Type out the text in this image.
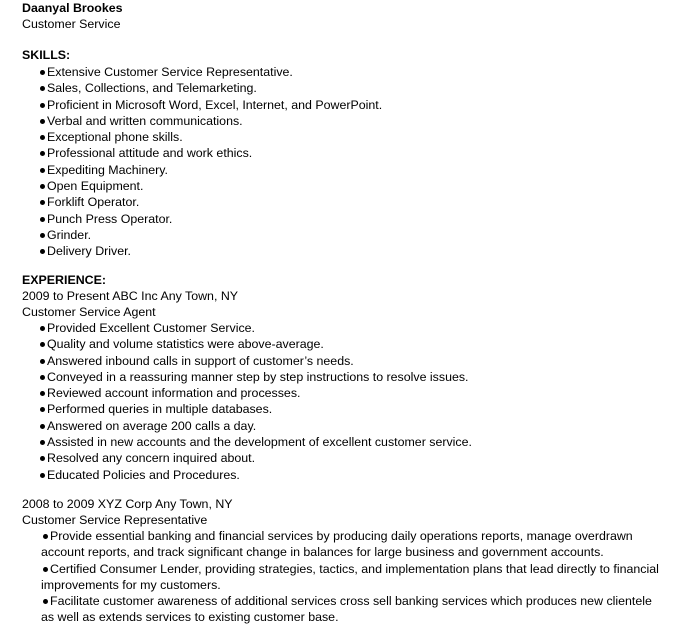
Daanyal Brookes
Customer Service
SKILLS:
Extensive Customer Service Representative.
Sales, Collections, and Telemarketing.
Proficient in Microsoft Word, Excel, Internet, and PowerPoint.
Verbal and written communications.
Exceptional phone skills.
Professional attitude and work ethics.
Expediting Machinery.
Open Equipment.
Forklift Operator.
Punch Press Operator.
Grinder.
Delivery Driver.
EXPERIENCE:
2009 to Present ABC Inc Any Town, NY
Customer Service Agent
Provided Excellent Customer Service.
Quality and volume statistics were above-average.
Answered inbound calls in support of customer’s needs.
Conveyed in a reassuring manner step by step instructions to resolve issues.
Reviewed account information and processes.
Performed queries in multiple databases.
Answered on average 200 calls a day.
Assisted in new accounts and the development of excellent customer service.
Resolved any concern inquired about.
Educated Policies and Procedures.
2008 to 2009 XYZ Corp Any Town, NY
Customer Service Representative
Provide essential banking and financial services by producing daily operations reports, manage overdrawn account reports, and track significant change in balances for large business and government accounts.
Certified Consumer Lender, providing strategies, tactics, and implementation plans that lead directly to financial improvements for my customers.
Facilitate customer awareness of additional services cross sell banking services which produces new clientele as well as extends services to existing customer base.
